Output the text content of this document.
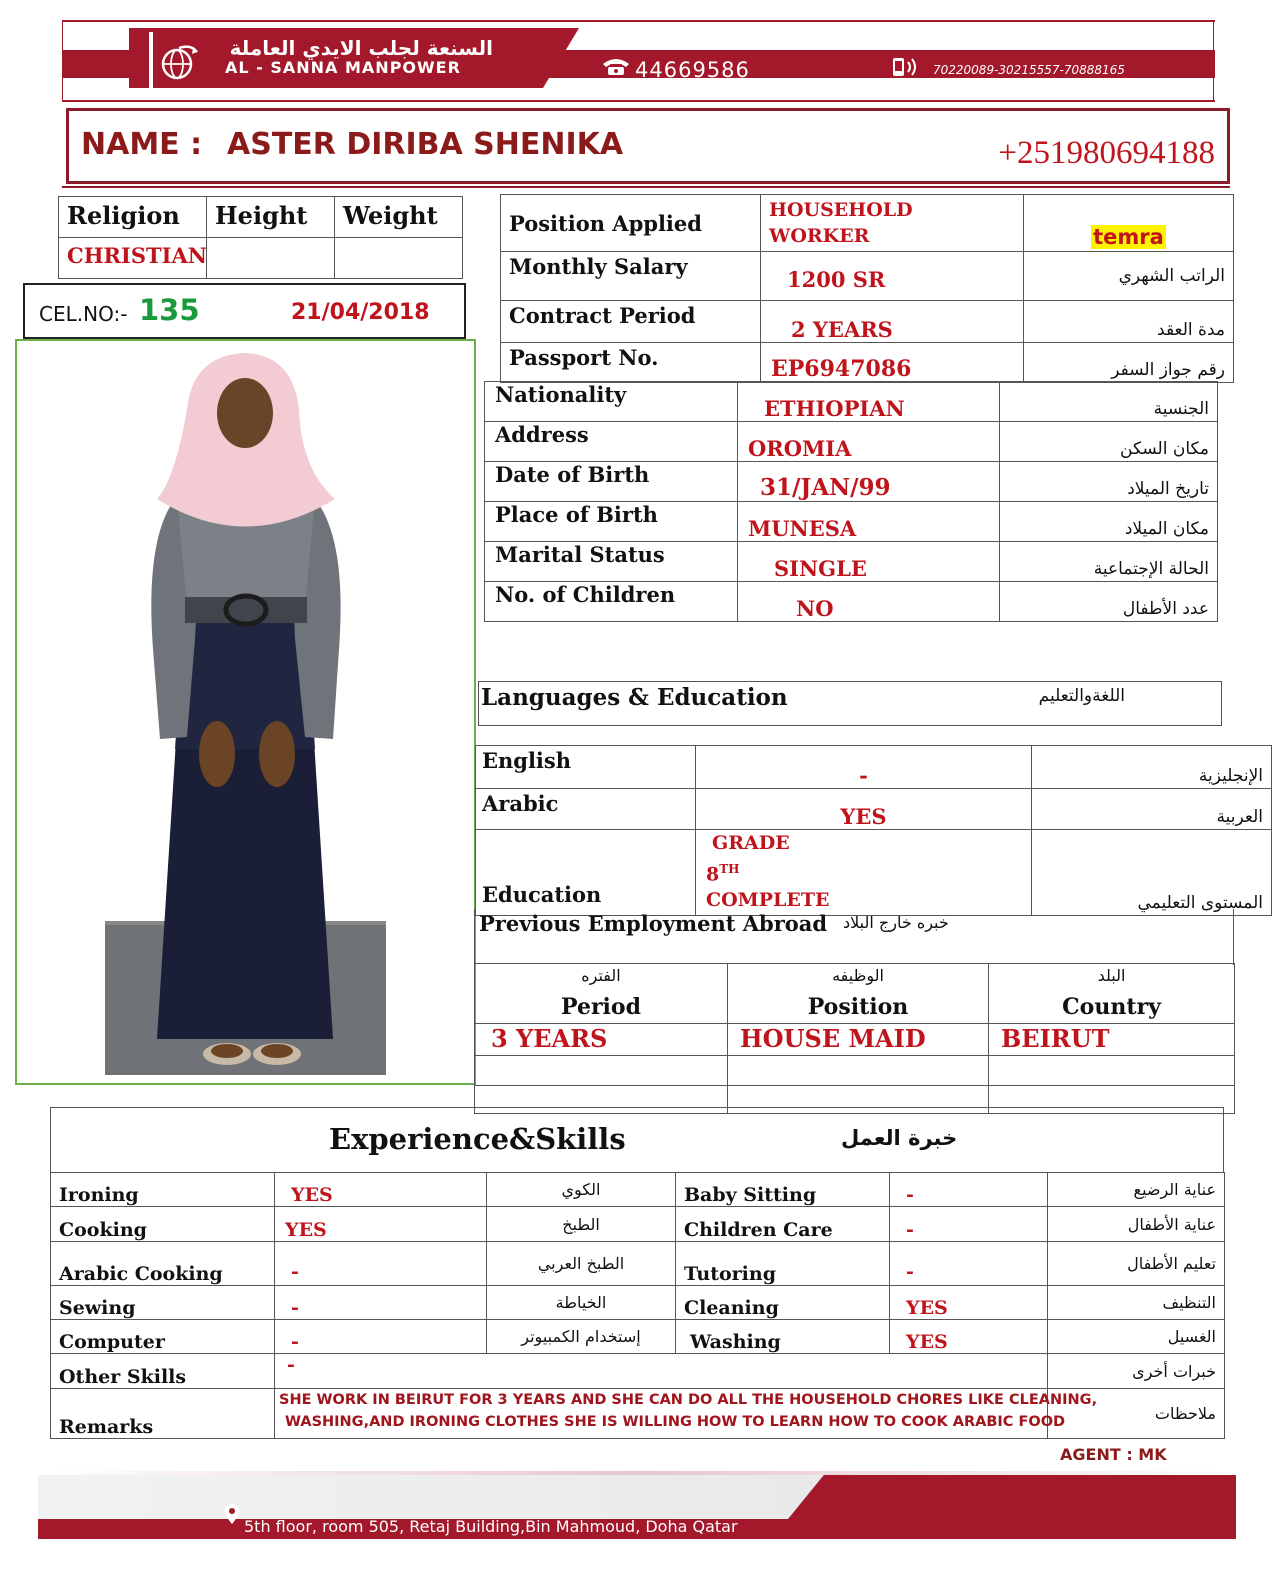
السنعة لجلب الايدي العاملة
AL - SANNA MANPOWER	44669586	70220089-30215557-70888165
NAME : ASTER DIRIBA SHENIKA	+251980694188
Religion	Height	Weight
CHRISTIAN		
CEL.NO:- 135	21/04/2018
Position Applied	HOUSEHOLD WORKER	temra
Monthly Salary	1200 SR	الراتب الشهري
Contract Period	2 YEARS	مدة العقد
Passport No.	EP6947086	رقم جواز السفر
Nationality	ETHIOPIAN	الجنسية
Address	OROMIA	مكان السكن
Date of Birth	31/JAN/99	تاريخ الميلاد
Place of Birth	MUNESA	مكان الميلاد
Marital Status	SINGLE	الحالة الإجتماعية
No. of Children	NO	عدد الأطفال
Languages & Education	اللغةوالتعليم
English	-	الإنجليزية
Arabic	YES	العربية
Education	GRADE
8TH
COMPLETE	المستوى التعليمي
Previous Employment Abroad خبره خارج البلاد
الفتره	الوظيفه	البلد
Period	Position	Country
3 YEARS	HOUSE MAID	BEIRUT

Experience&Skills	خبرة العمل
Ironing	YES	الكوي	Baby Sitting	-	عناية الرضيع
Cooking	YES	الطبخ	Children Care	-	عناية الأطفال
Arabic Cooking	-	الطبخ العربي	Tutoring	-	تعليم الأطفال
Sewing	-	الخياطة	Cleaning	YES	التنظيف
Computer	-	إستخدام الكمبيوتر	Washing	YES	الغسيل
Other Skills	-				خبرات أخرى
Remarks	SHE WORK IN BEIRUT FOR 3 YEARS AND SHE CAN DO ALL THE HOUSEHOLD CHORES LIKE CLEANING,
WASHING,AND IRONING CLOTHES SHE IS WILLING HOW TO LEARN HOW TO COOK ARABIC FOOD				ملاحظات
AGENT : MK
5th floor, room 505, Retaj Building,Bin Mahmoud, Doha Qatar
